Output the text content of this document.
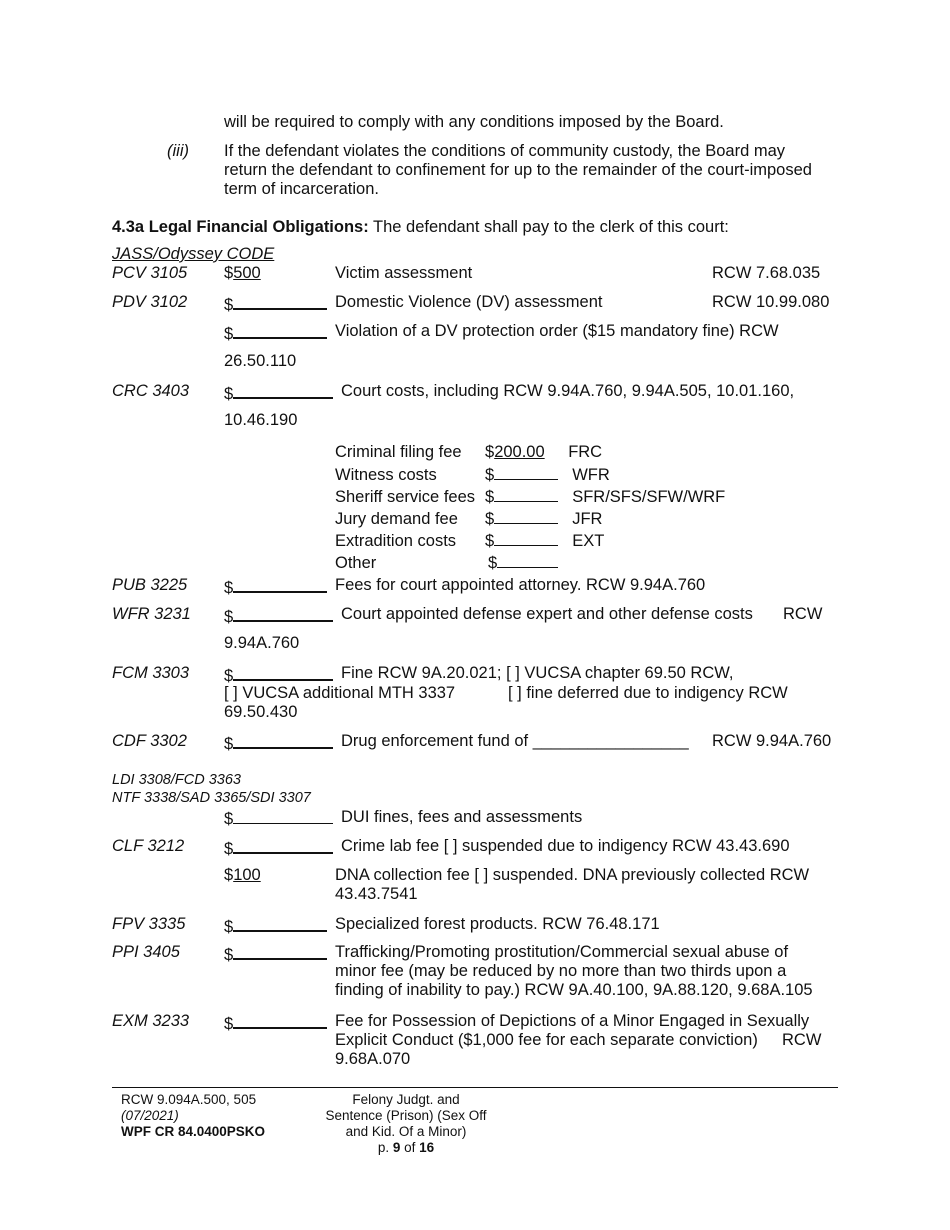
will be required to comply with any conditions imposed by the Board.
(iii) If the defendant violates the conditions of community custody, the Board may return the defendant to confinement for up to the remainder of the court-imposed term of incarceration.
4.3a Legal Financial Obligations: The defendant shall pay to the clerk of this court:
JASS/Odyssey CODE
PCV 3105 $500	Victim assessment	RCW 7.68.035
PDV 3102 $	Domestic Violence (DV) assessment	RCW 10.99.080
$	Violation of a DV protection order ($15 mandatory fine) RCW
26.50.110
CRC 3403 $	Court costs, including RCW 9.94A.760, 9.94A.505, 10.01.160,
10.46.190
Criminal filing fee $200.00 FRC
Witness costs	$	WFR
Sheriff service fees $	SFR/SFS/SFW/WRF
Jury demand fee $	JFR
Extradition costs $	EXT
Other	$
PUB 3225 $	Fees for court appointed attorney. RCW 9.94A.760
WFR 3231 $	Court appointed defense expert and other defense costs RCW
9.94A.760
FCM 3303 $	Fine RCW 9A.20.021; [ ] VUCSA chapter 69.50 RCW,
[ ] VUCSA additional MTH 3337	[ ] fine deferred due to indigency RCW
69.50.430
CDF 3302 $	Drug enforcement fund of _________________ RCW 9.94A.760
LDI 3308/FCD 3363
NTF 3338/SAD 3365/SDI 3307
$	DUI fines, fees and assessments
CLF 3212 $	Crime lab fee [ ] suspended due to indigency RCW 43.43.690
$100	DNA collection fee [ ] suspended. DNA previously collected RCW 43.43.7541
FPV 3335 $	Specialized forest products. RCW 76.48.171
PPI 3405	$	Trafficking/Promoting prostitution/Commercial sexual abuse of minor fee (may be reduced by no more than two thirds upon a finding of inability to pay.) RCW 9A.40.100, 9A.88.120, 9.68A.105
EXM 3233 $	Fee for Possession of Depictions of a Minor Engaged in Sexually Explicit Conduct ($1,000 fee for each separate conviction)	RCW
9.68A.070
RCW 9.094A.500, 505
(07/2021)
WPF CR 84.0400PSKO
Felony Judgt. and
Sentence (Prison) (Sex Off
and Kid. Of a Minor)
p. 9 of 16
